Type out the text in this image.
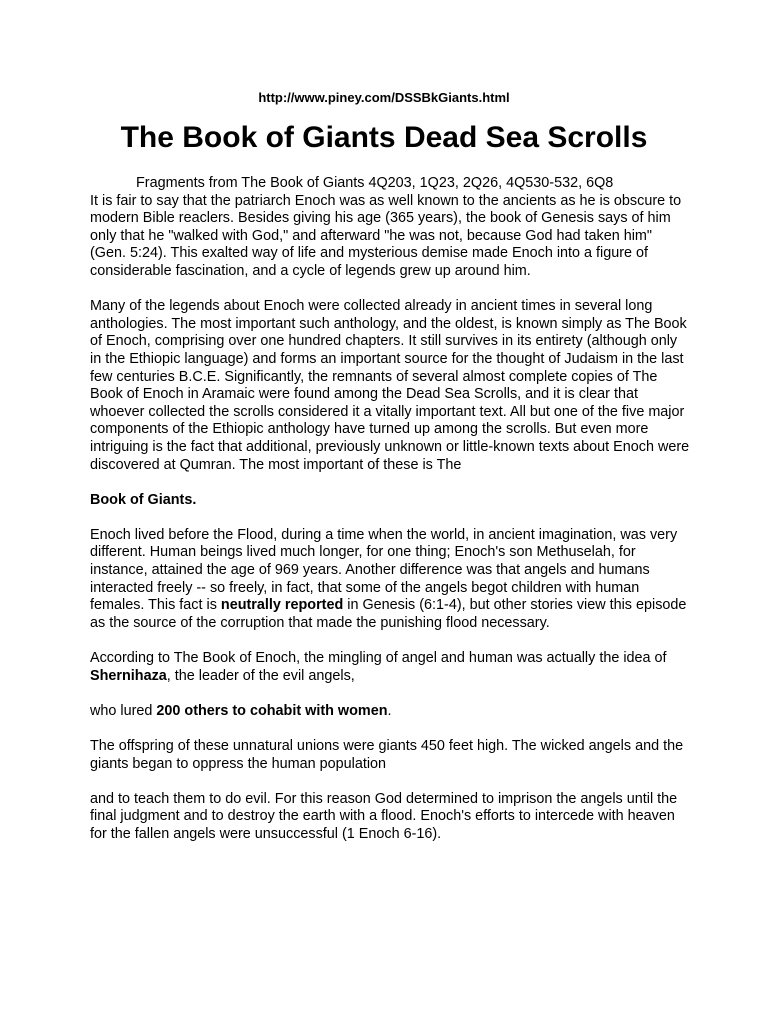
http://www.piney.com/DSSBkGiants.html
The Book of Giants Dead Sea Scrolls

Fragments from The Book of Giants 4Q203, 1Q23, 2Q26, 4Q530-532, 6Q8
It is fair to say that the patriarch Enoch was as well known to the ancients as he is obscure to modern Bible reaclers. Besides giving his age (365 years), the book of Genesis says of him only that he "walked with God," and afterward "he was not, because God had taken him" (Gen. 5:24). This exalted way of life and mysterious demise made Enoch into a figure of considerable fascination, and a cycle of legends grew up around him.

Many of the legends about Enoch were collected already in ancient times in several long anthologies. The most important such anthology, and the oldest, is known simply as The Book of Enoch, comprising over one hundred chapters. It still survives in its entirety (although only in the Ethiopic language) and forms an important source for the thought of Judaism in the last few centuries B.C.E. Significantly, the remnants of several almost complete copies of The Book of Enoch in Aramaic were found among the Dead Sea Scrolls, and it is clear that whoever collected the scrolls considered it a vitally important text. All but one of the five major components of the Ethiopic anthology have turned up among the scrolls. But even more intriguing is the fact that additional, previously unknown or little-known texts about Enoch were discovered at Qumran. The most important of these is The

Book of Giants.

Enoch lived before the Flood, during a time when the world, in ancient imagination, was very different. Human beings lived much longer, for one thing; Enoch's son Methuselah, for instance, attained the age of 969 years. Another difference was that angels and humans interacted freely -- so freely, in fact, that some of the angels begot children with human females. This fact is neutrally reported in Genesis (6:1-4), but other stories view this episode as the source of the corruption that made the punishing flood necessary.

According to The Book of Enoch, the mingling of angel and human was actually the idea of Shernihaza, the leader of the evil angels,

who lured 200 others to cohabit with women.

The offspring of these unnatural unions were giants 450 feet high. The wicked angels and the giants began to oppress the human population

and to teach them to do evil. For this reason God determined to imprison the angels until the final judgment and to destroy the earth with a flood. Enoch's efforts to intercede with heaven for the fallen angels were unsuccessful (1 Enoch 6-16).
